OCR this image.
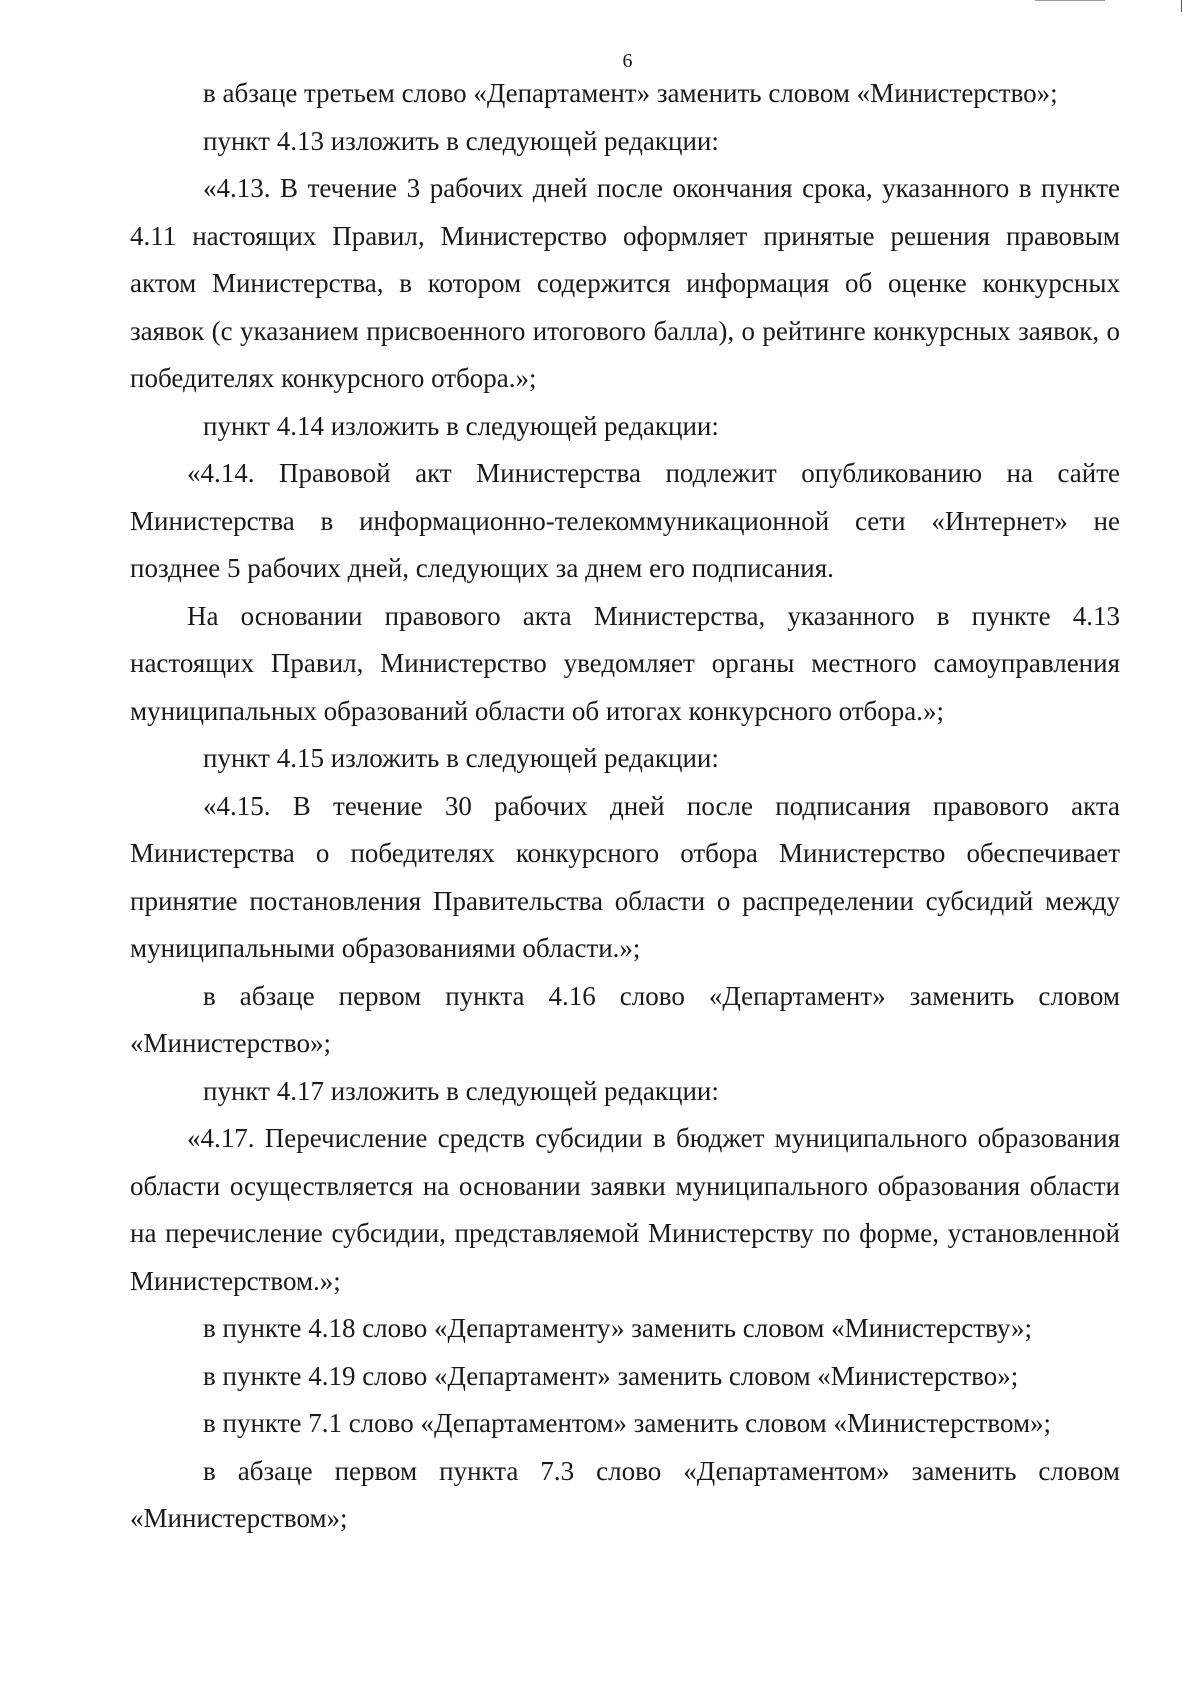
6

в абзаце третьем слово «Департамент» заменить словом «Министерство»;

пункт 4.13 изложить в следующей редакции:

«4.13. В течение 3 рабочих дней после окончания срока, указанного в пункте 4.11 настоящих Правил, Министерство оформляет принятые решения правовым актом Министерства, в котором содержится информация об оценке конкурсных заявок (с указанием присвоенного итогового балла), о рейтинге конкурсных заявок, о победителях конкурсного отбора.»;

пункт 4.14 изложить в следующей редакции:

«4.14. Правовой акт Министерства подлежит опубликованию на сайте Министерства в информационно-телекоммуникационной сети «Интернет» не позднее 5 рабочих дней, следующих за днем его подписания.

На основании правового акта Министерства, указанного в пункте 4.13 настоящих Правил, Министерство уведомляет органы местного самоуправления муниципальных образований области об итогах конкурсного отбора.»;

пункт 4.15 изложить в следующей редакции:

«4.15. В течение 30 рабочих дней после подписания правового акта Министерства о победителях конкурсного отбора Министерство обеспечивает принятие постановления Правительства области о распределении субсидий между муниципальными образованиями области.»;

в абзаце первом пункта 4.16 слово «Департамент» заменить словом «Министерство»;

пункт 4.17 изложить в следующей редакции:

«4.17. Перечисление средств субсидии в бюджет муниципального образования области осуществляется на основании заявки муниципального образования области на перечисление субсидии, представляемой Министерству по форме, установленной Министерством.»;

в пункте 4.18 слово «Департаменту» заменить словом «Министерству»;

в пункте 4.19 слово «Департамент» заменить словом «Министерство»;

в пункте 7.1 слово «Департаментом» заменить словом «Министерством»;

в абзаце первом пункта 7.3 слово «Департаментом» заменить словом «Министерством»;
